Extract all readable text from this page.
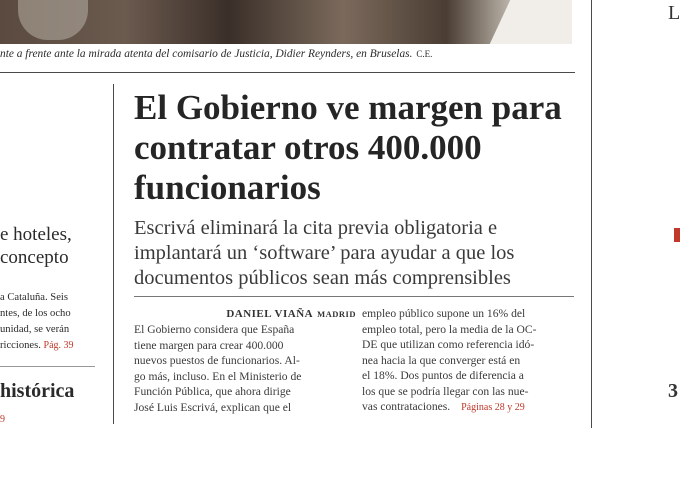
nte a frente ante la mirada atenta del comisario de Justicia, Didier Reynders, en Bruselas. C.E.
e hoteles,
concepto
a Cataluña. Seis
ntes, de los ocho
unidad, se verán
ricciones. Pág. 39
histórica
9
El Gobierno ve margen para contratar otros 400.000 funcionarios
Escrivá eliminará la cita previa obligatoria e implantará un ‘software’ para ayudar a que los documentos públicos sean más comprensibles
DANIEL VIAÑA MADRID
El Gobierno considera que España
tiene margen para crear 400.000
nuevos puestos de funcionarios. Al-
go más, incluso. En el Ministerio de
Función Pública, que ahora dirige
José Luis Escrivá, explican que el
empleo público supone un 16% del
empleo total, pero la media de la OC-
DE que utilizan como referencia idó-
nea hacia la que converger está en
el 18%. Dos puntos de diferencia a
los que se podría llegar con las nue-
vas contrataciones. Páginas 28 y 29
L
3
